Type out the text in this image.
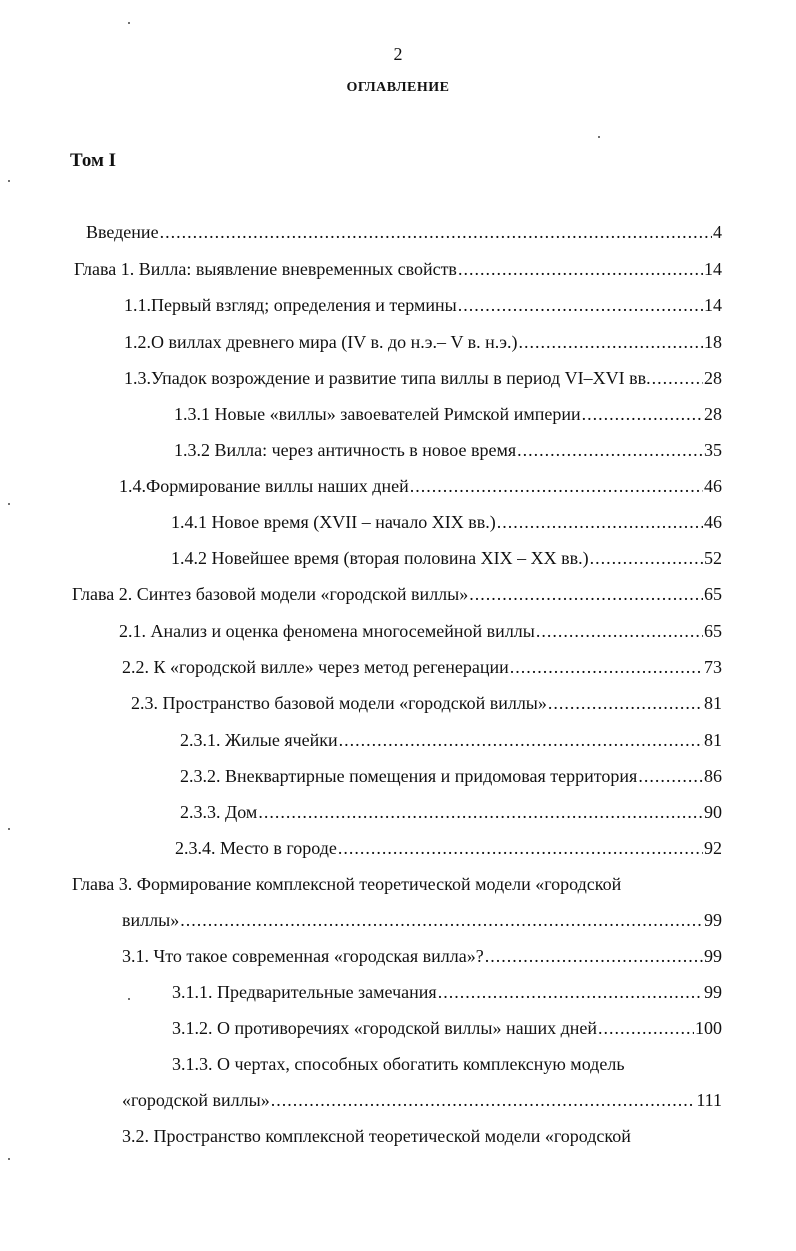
2
ОГЛАВЛЕНИЕ
Том I
Введение .....	4
Глава 1. Вилла: выявление вневременных свойств .....	14
1.1.Первый взгляд; определения и термины .....	14
1.2.О виллах древнего мира (IV в. до н.э.– V в. н.э.) .....	18
1.3.Упадок возрождение и развитие типа виллы в период VI–XVI вв. .....	28
1.3.1 Новые «виллы» завоевателей Римской империи .....	28
1.3.2 Вилла: через античность в новое время .....	35
1.4.Формирование виллы наших дней .....	46
1.4.1 Новое время (XVII – начало XIX вв.) .....	46
1.4.2 Новейшее время (вторая половина XIX – XX вв.) .....	52
Глава 2. Синтез базовой модели «городской виллы» .....	65
2.1. Анализ и оценка феномена многосемейной виллы .....	65
2.2. К «городской вилле» через метод регенерации .....	73
2.3. Пространство базовой модели «городской виллы» .....	81
2.3.1. Жилые ячейки .....	81
2.3.2. Внеквартирные помещения и придомовая территория .....	86
2.3.3. Дом .....	90
2.3.4. Место в городе .....	92
Глава 3. Формирование комплексной теоретической модели «городской
виллы» .....	99
3.1. Что такое современная «городская вилла»? .....	99
3.1.1. Предварительные замечания .....	99
3.1.2. О противоречиях «городской виллы» наших дней .....	100
3.1.3. О чертах, способных обогатить комплексную модель
«городской виллы» .....	111
3.2. Пространство комплексной теоретической модели «городской
